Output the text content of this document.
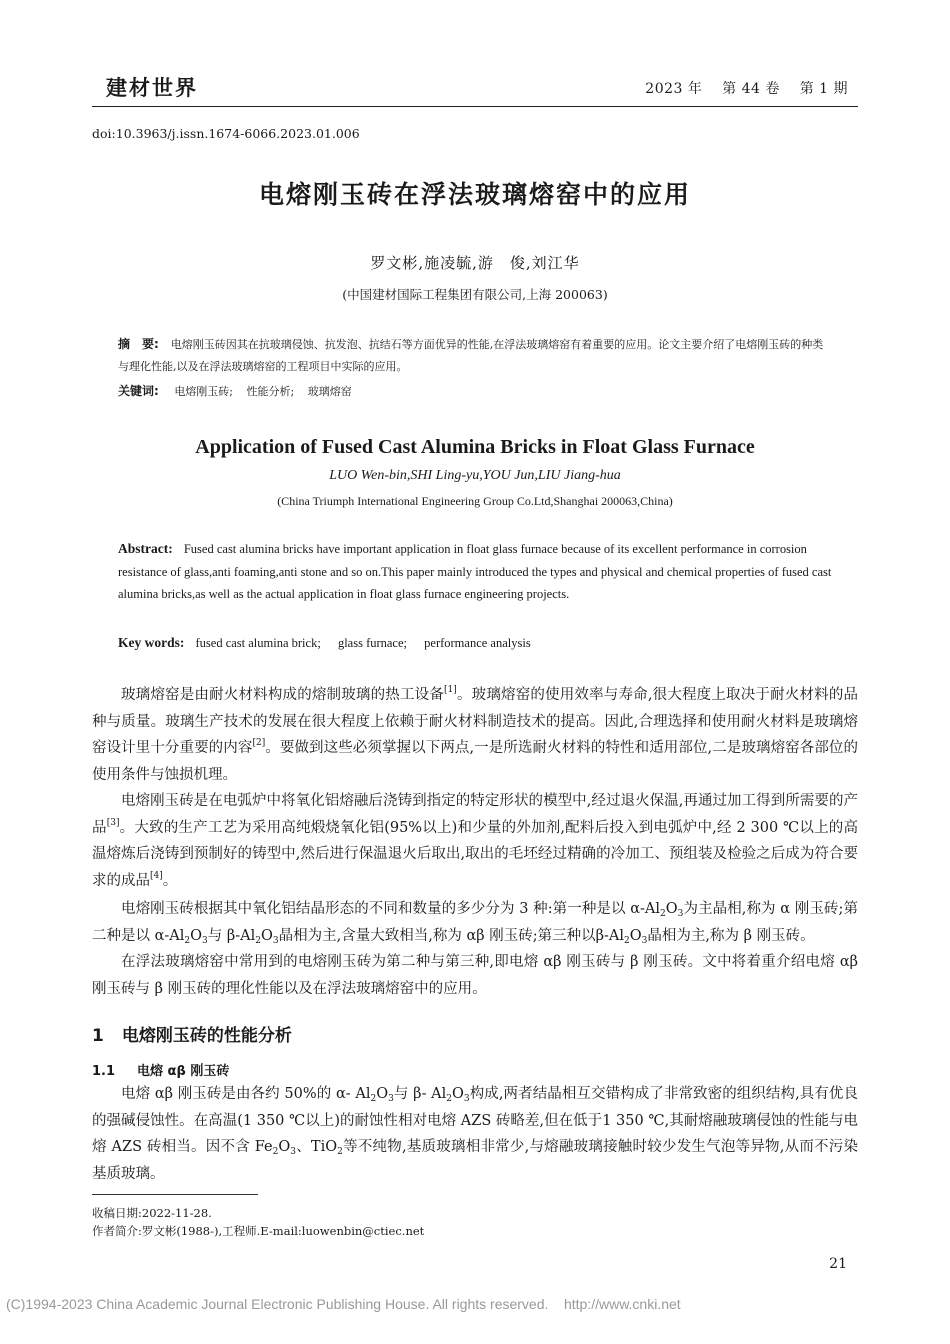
建材世界	2023 年    第 44 卷    第 1 期
doi:10.3963/j.issn.1674-6066.2023.01.006
电熔刚玉砖在浮法玻璃熔窑中的应用
罗文彬,施凌毓,游　俊,刘江华
(中国建材国际工程集团有限公司,上海 200063)
摘　要: 电熔刚玉砖因其在抗玻璃侵蚀、抗发泡、抗结石等方面优异的性能,在浮法玻璃熔窑有着重要的应用。论文主要介绍了电熔刚玉砖的种类与理化性能,以及在浮法玻璃熔窑的工程项目中实际的应用。
关键词: 电熔刚玉砖; 性能分析; 玻璃熔窑
Application of Fused Cast Alumina Bricks in Float Glass Furnace
LUO Wen-bin,SHI Ling-yu,YOU Jun,LIU Jiang-hua
(China Triumph International Engineering Group Co.Ltd,Shanghai 200063,China)
Abstract: Fused cast alumina bricks have important application in float glass furnace because of its excellent performance in corrosion resistance of glass,anti foaming,anti stone and so on.This paper mainly introduced the types and physical and chemical properties of fused cast alumina bricks,as well as the actual application in float glass furnace engineering projects.
Key words: fused cast alumina brick; glass furnace; performance analysis

玻璃熔窑是由耐火材料构成的熔制玻璃的热工设备[1]。玻璃熔窑的使用效率与寿命,很大程度上取决于耐火材料的品种与质量。玻璃生产技术的发展在很大程度上依赖于耐火材料制造技术的提高。因此,合理选择和使用耐火材料是玻璃熔窑设计里十分重要的内容[2]。要做到这些必须掌握以下两点,一是所选耐火材料的特性和适用部位,二是玻璃熔窑各部位的使用条件与蚀损机理。

电熔刚玉砖是在电弧炉中将氧化铝熔融后浇铸到指定的特定形状的模型中,经过退火保温,再通过加工得到所需要的产品[3]。大致的生产工艺为采用高纯煅烧氧化铝(95%以上)和少量的外加剂,配料后投入到电弧炉中,经 2 300 ℃以上的高温熔炼后浇铸到预制好的铸型中,然后进行保温退火后取出,取出的毛坯经过精确的冷加工、预组装及检验之后成为符合要求的成品[4]。

电熔刚玉砖根据其中氧化铝结晶形态的不同和数量的多少分为 3 种:第一种是以 $\alpha-Al_2O_3$为主晶相,称为 α 刚玉砖;第二种是以 $\alpha-Al_2O_3$与 $\beta-Al_2O_3$晶相为主,含量大致相当,称为 αβ 刚玉砖;第三种以$\beta-Al_2O_3$晶相为主,称为 β 刚玉砖。

在浮法玻璃熔窑中常用到的电熔刚玉砖为第二种与第三种,即电熔 αβ 刚玉砖与 β 刚玉砖。文中将着重介绍电熔 αβ 刚玉砖与 β 刚玉砖的理化性能以及在浮法玻璃熔窑中的应用。

1 电熔刚玉砖的性能分析
1.1 电熔 αβ 刚玉砖

电熔 αβ 刚玉砖是由各约 50%的 α- $Al_2O_3$与 β- $Al_2O_3$构成,两者结晶相互交错构成了非常致密的组织结构,具有优良的强碱侵蚀性。在高温(1 350 ℃以上)的耐蚀性相对电熔 AZS 砖略差,但在低于1 350 ℃,其耐熔融玻璃侵蚀的性能与电熔 AZS 砖相当。因不含 $Fe_2O_3$、TiO$_2$等不纯物,基质玻璃相非常少,与熔融玻璃接触时较少发生气泡等异物,从而不污染基质玻璃。

收稿日期:2022-11-28.
作者简介:罗文彬(1988-),工程师.E-mail:luowenbin@ctiec.net
21
(C)1994-2023 China Academic Journal Electronic Publishing House. All rights reserved.    http://www.cnki.net
